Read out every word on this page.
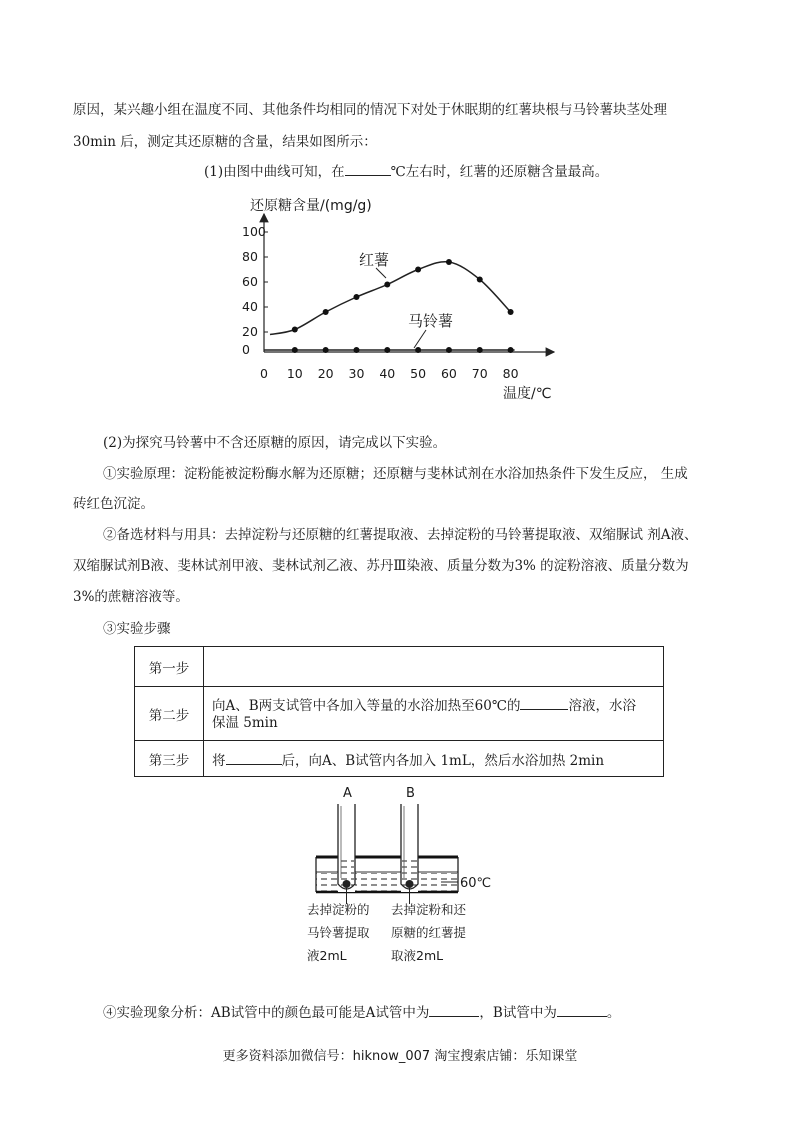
原因，某兴趣小组在温度不同、其他条件均相同的情况下对处于休眠期的红薯块根与马铃薯块茎处理
30min 后，测定其还原糖的含量，结果如图所示：
(1)由图中曲线可知，在	℃左右时，红薯的还原糖含量最高。
还原糖含量/(mg/g)
0 10 20 30 40 50 60 70 80
0
20
40
60
80
100
红薯
马铃薯
温度/℃
(2)为探究马铃薯中不含还原糖的原因，请完成以下实验。
①实验原理：淀粉能被淀粉酶水解为还原糖；还原糖与斐林试剂在水浴加热条件下发生反应， 生成
砖红色沉淀。
②备选材料与用具：去掉淀粉与还原糖的红薯提取液、去掉淀粉的马铃薯提取液、双缩脲试 剂A液、
双缩脲试剂B液、斐林试剂甲液、斐林试剂乙液、苏丹Ⅲ染液、质量分数为3% 的淀粉溶液、质量分数为
3%的蔗糖溶液等。
③实验步骤
第一步	
第二步	向A、B两支试管中各加入等量的水浴加热至60℃的 溶液，水浴
保温 5min
第三步	将 后，向A、B试管内各加入 1mL，然后水浴加热 2min
A	B
60℃
去掉淀粉的
马铃薯提取
液2mL
去掉淀粉和还
原糖的红薯提
取液2mL
④实验现象分析：AB试管中的颜色最可能是A试管中为	，B试管中为	。
更多资料添加微信号：hiknow_007 淘宝搜索店铺：乐知课堂
